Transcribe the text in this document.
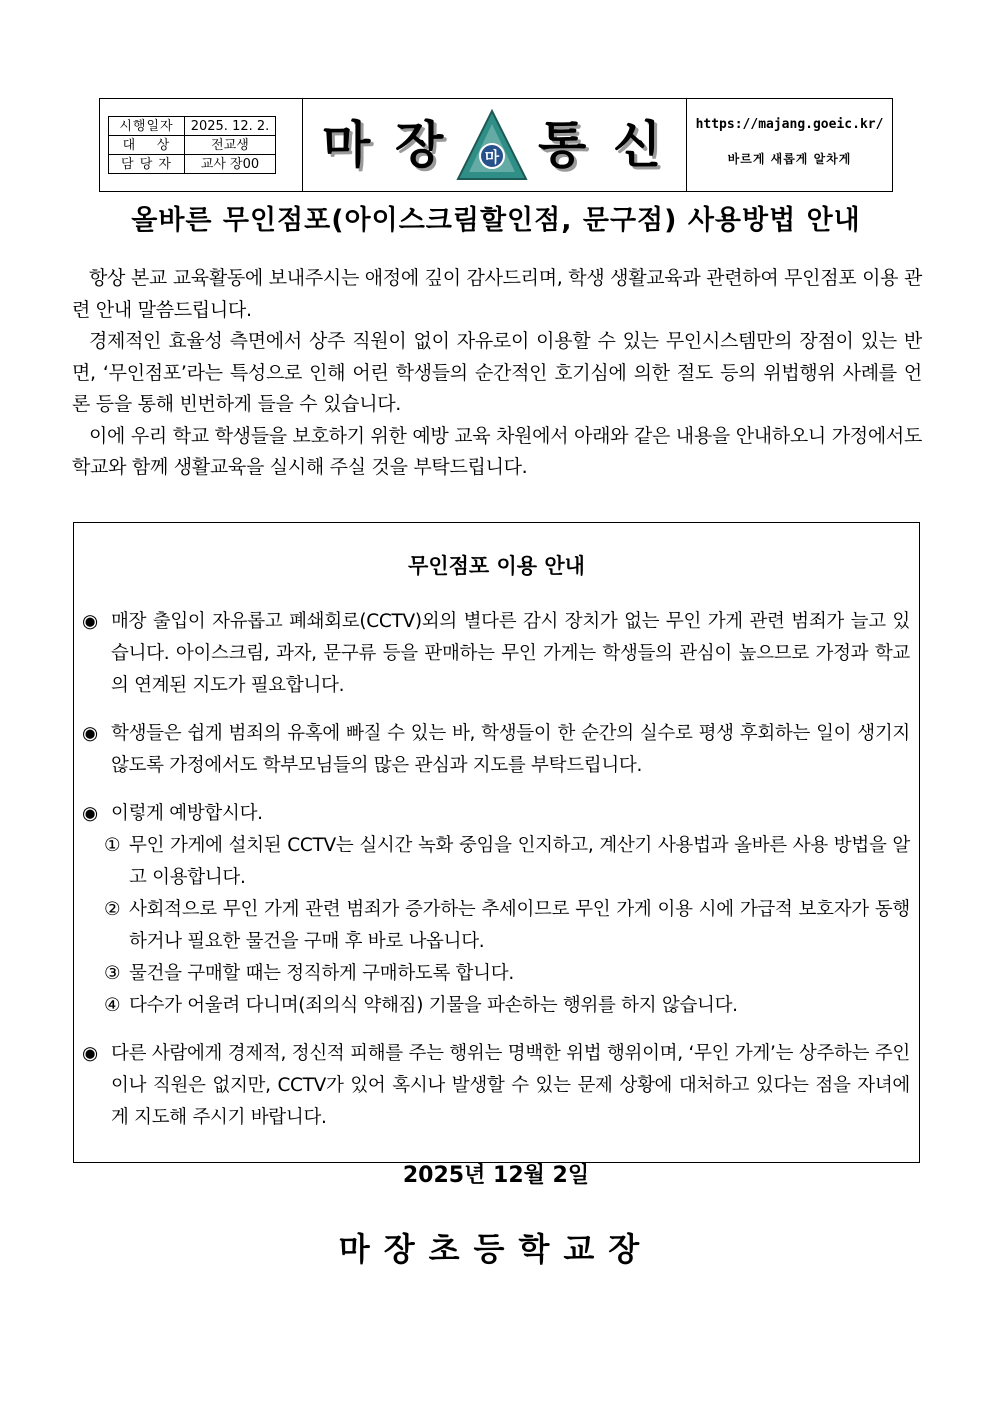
시행일자	2025. 12. 2.
대    상	전교생
담 당 자	교사 장00 마 장	마 통 신	https://majang.goeic.kr/
바르게 새롭게 알차게
올바른 무인점포(아이스크림할인점, 문구점) 사용방법 안내

항상 본교 교육활동에 보내주시는 애정에 깊이 감사드리며, 학생 생활교육과 관련하여 무인점포 이용 관련 안내 말씀드립니다.

경제적인 효율성 측면에서 상주 직원이 없이 자유로이 이용할 수 있는 무인시스템만의 장점이 있는 반면, ‘무인점포’라는 특성으로 인해 어린 학생들의 순간적인 호기심에 의한 절도 등의 위법행위 사례를 언론 등을 통해 빈번하게 들을 수 있습니다.

이에 우리 학교 학생들을 보호하기 위한 예방 교육 차원에서 아래와 같은 내용을 안내하오니 가정에서도 학교와 함께 생활교육을 실시해 주실 것을 부탁드립니다.

무인점포 이용 안내
◉ 매장 출입이 자유롭고 폐쇄회로(CCTV)외의 별다른 감시 장치가 없는 무인 가게 관련 범죄가 늘고 있습니다. 아이스크림, 과자, 문구류 등을 판매하는 무인 가게는 학생들의 관심이 높으므로 가정과 학교의 연계된 지도가 필요합니다.
◉ 학생들은 쉽게 범죄의 유혹에 빠질 수 있는 바, 학생들이 한 순간의 실수로 평생 후회하는 일이 생기지 않도록 가정에서도 학부모님들의 많은 관심과 지도를 부탁드립니다.
◉ 이렇게 예방합시다.
① 무인 가게에 설치된 CCTV는 실시간 녹화 중임을 인지하고, 계산기 사용법과 올바른 사용 방법을 알고 이용합니다.
② 사회적으로 무인 가게 관련 범죄가 증가하는 추세이므로 무인 가게 이용 시에 가급적 보호자가 동행하거나 필요한 물건을 구매 후 바로 나옵니다.
③ 물건을 구매할 때는 정직하게 구매하도록 합니다.
④ 다수가 어울려 다니며(죄의식 약해짐) 기물을 파손하는 행위를 하지 않습니다.
◉ 다른 사람에게 경제적, 정신적 피해를 주는 행위는 명백한 위법 행위이며, ‘무인 가게’는 상주하는 주인이나 직원은 없지만, CCTV가 있어 혹시나 발생할 수 있는 문제 상황에 대처하고 있다는 점을 자녀에게 지도해 주시기 바랍니다.
2025년 12월 2일
마장초등학교장
